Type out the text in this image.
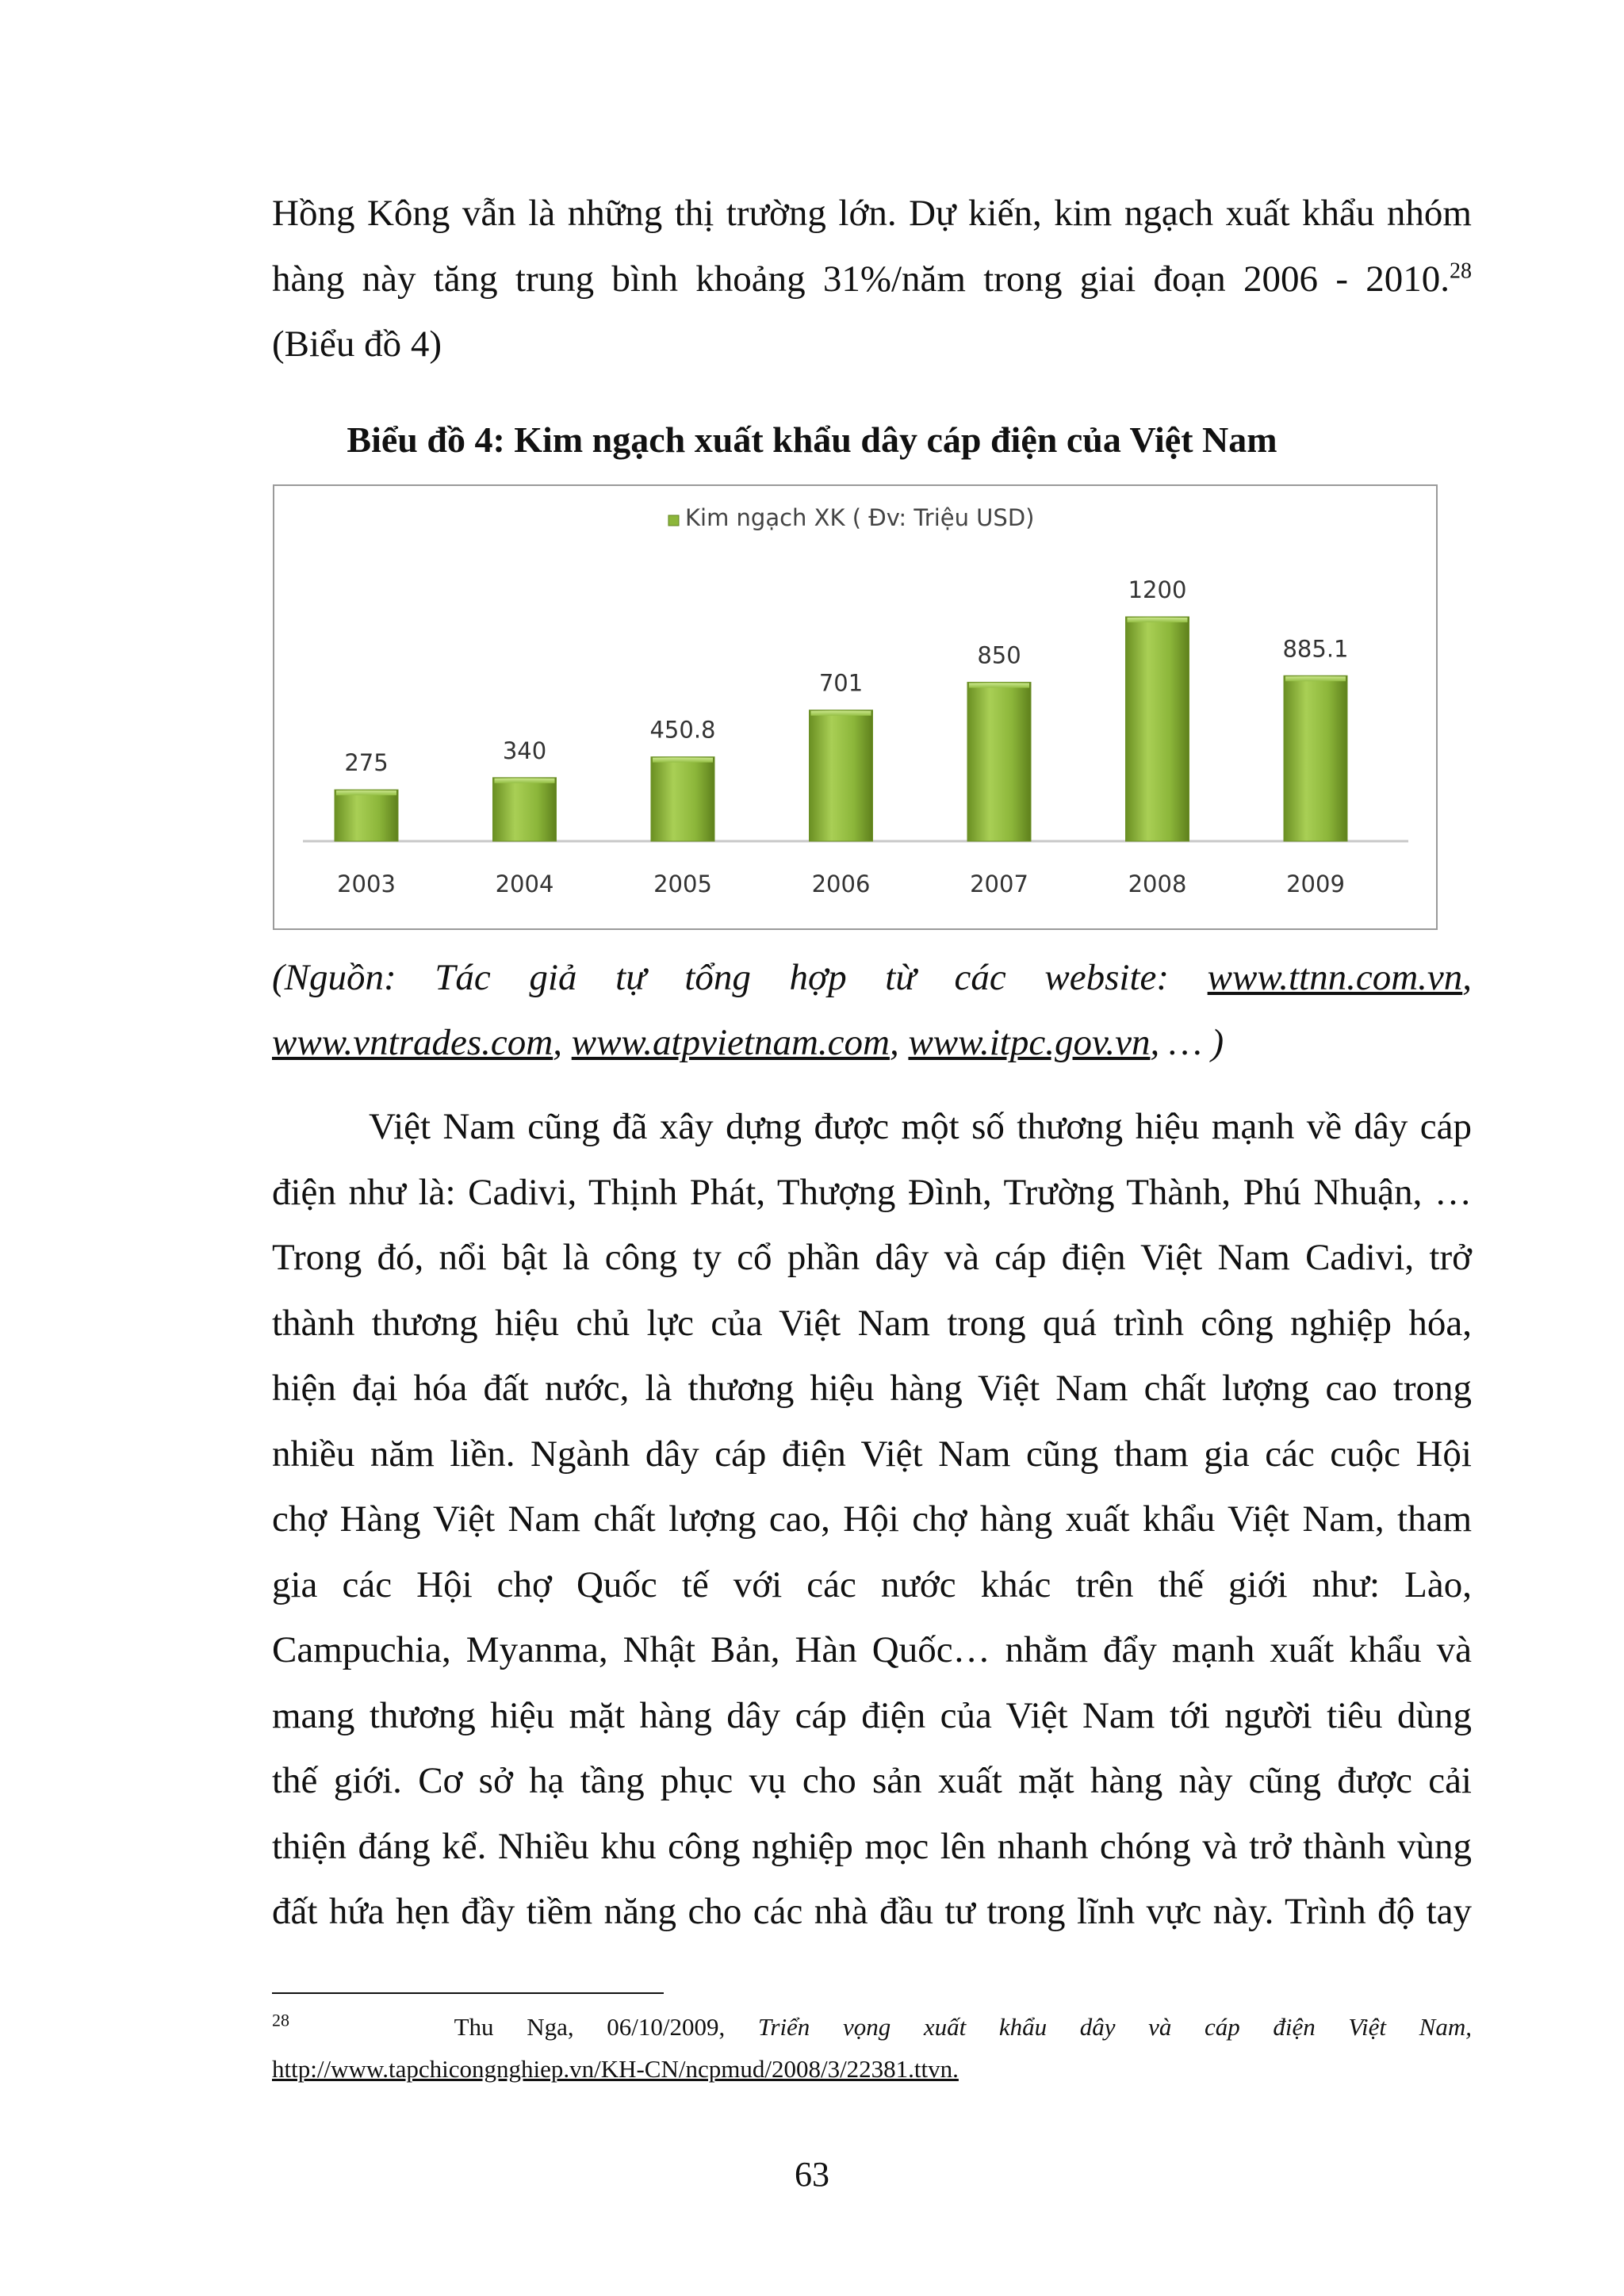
Hồng Kông vẫn là những thị trường lớn. Dự kiến, kim ngạch xuất khẩu nhóm
hàng này tăng trung bình khoảng 31%/năm trong giai đoạn 2006 - 2010.28
(Biểu đồ 4)
Biểu đồ 4: Kim ngạch xuất khẩu dây cáp điện của Việt Nam
Kim ngạch XK ( Đv: Triệu USD)
275
2003
340
2004
450.8
2005
701
2006
850
2007
1200
2008
885.1
2009
(Nguồn: Tác giả tự tổng hợp từ các website: www.ttnn.com.vn,
www.vntrades.com, www.atpvietnam.com, www.itpc.gov.vn, … )
Việt Nam cũng đã xây dựng được một số thương hiệu mạnh về dây cáp
điện như là: Cadivi, Thịnh Phát, Thượng Đình, Trường Thành, Phú Nhuận, …
Trong đó, nổi bật là công ty cổ phần dây và cáp điện Việt Nam Cadivi, trở
thành thương hiệu chủ lực của Việt Nam trong quá trình công nghiệp hóa,
hiện đại hóa đất nước, là thương hiệu hàng Việt Nam chất lượng cao trong
nhiều năm liền. Ngành dây cáp điện Việt Nam cũng tham gia các cuộc Hội
chợ Hàng Việt Nam chất lượng cao, Hội chợ hàng xuất khẩu Việt Nam, tham
gia các Hội chợ Quốc tế với các nước khác trên thế giới như: Lào,
Campuchia, Myanma, Nhật Bản, Hàn Quốc… nhằm đẩy mạnh xuất khẩu và
mang thương hiệu mặt hàng dây cáp điện của Việt Nam tới người tiêu dùng
thế giới. Cơ sở hạ tầng phục vụ cho sản xuất mặt hàng này cũng được cải
thiện đáng kể. Nhiều khu công nghiệp mọc lên nhanh chóng và trở thành vùng
đất hứa hẹn đầy tiềm năng cho các nhà đầu tư trong lĩnh vực này. Trình độ tay
$^{28}$	Thu Nga, 06/10/2009, Triển vọng xuất khẩu dây và cáp điện Việt Nam,
http://www.tapchicongnghiep.vn/KH-CN/ncpmud/2008/3/22381.ttvn.
63
